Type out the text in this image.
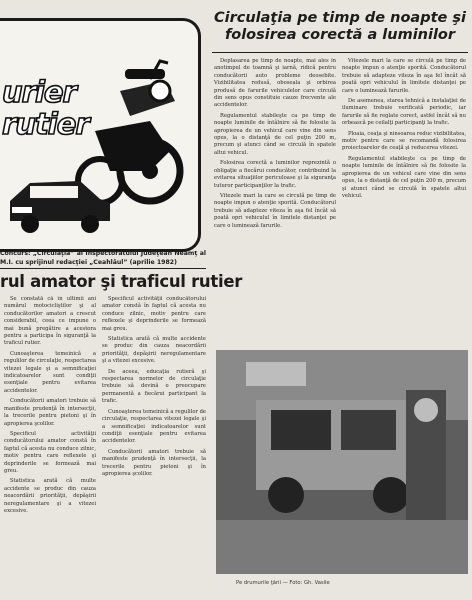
urier
rutier
Concurs: „Circulaţia” al Inspectoratului Judeţean Neamţ al M.I. cu sprijinul redacţiei „Ceahlăul” (aprilie 1982)
rul amator şi traficul rutier
Circulaţia pe timp de noapte şi folosirea corectă a luminilor

Deplasarea pe timp de noapte, mai ales în anotimpul de toamnă şi iarnă, ridică pentru conducătorii auto probleme deosebite. Vizibilitatea redusă, oboseala şi orbirea produsă de farurile vehiculelor care circulă din sens opus constituie cauze frecvente ale accidentelor.

Regulamentul stabileşte ca pe timp de noapte luminile de întâlnire să fie folosite la apropierea de un vehicul care vine din sens opus, la o distanţă de cel puţin 200 m, precum şi atunci când se circulă în spatele altui vehicul.

Folosirea corectă a luminilor reprezintă o obligaţie a fiecărui conducător, contribuind la evitarea situaţiilor periculoase şi la siguranţa tuturor participanţilor la trafic.

Vitezele mari la care se circulă pe timp de noapte impun o atenţie sporită. Conducătorul trebuie să adapteze viteza în aşa fel încât să poată opri vehiculul în limitele distanţei pe care o luminează farurile.

Vitezele mari la care se circulă pe timp de noapte impun o atenţie sporită. Conducătorul trebuie să adapteze viteza în aşa fel încât să poată opri vehiculul în limitele distanţei pe care o luminează farurile.

De asemenea, starea tehnică a instalaţiei de iluminare trebuie verificată periodic, iar farurile să fie reglate corect, astfel încât să nu orbească pe ceilalţi participanţi la trafic.

Ploaia, ceaţa şi ninsoarea reduc vizibilitatea, motiv pentru care se recomandă folosirea proiectoarelor de ceaţă şi reducerea vitezei.

Regulamentul stabileşte ca pe timp de noapte luminile de întâlnire să fie folosite la apropierea de un vehicul care vine din sens opus, la o distanţă de cel puţin 200 m, precum şi atunci când se circulă în spatele altui vehicul.

Se constată că în ultimii ani numărul motocicliştilor şi al conducătorilor amatori a crescut considerabil, ceea ce impune o mai bună pregătire a acestora pentru a participa în siguranţă la traficul rutier.

Cunoaşterea temeinică a regulilor de circulaţie, respectarea vitezei legale şi a semnificaţiei indicatoarelor sunt condiţii esenţiale pentru evitarea accidentelor.

Conducătorii amatori trebuie să manifeste prudenţă în intersecţii, la trecerile pentru pietoni şi în apropierea şcolilor.

Specificul activităţii conducătorului amator constă în faptul că acesta nu conduce zilnic, motiv pentru care reflexele şi deprinderile se formează mai greu.

Statistica arată că multe accidente se produc din cauza neacordării priorităţii, depăşirii neregulamentare şi a vitezei excesive.

Specificul activităţii conducătorului amator constă în faptul că acesta nu conduce zilnic, motiv pentru care reflexele şi deprinderile se formează mai greu.

Statistica arată că multe accidente se produc din cauza neacordării priorităţii, depăşirii neregulamentare şi a vitezei excesive.

De aceea, educaţia rutieră şi respectarea normelor de circulaţie trebuie să devină o preocupare permanentă a fiecărui participant la trafic.

Cunoaşterea temeinică a regulilor de circulaţie, respectarea vitezei legale şi a semnificaţiei indicatoarelor sunt condiţii esenţiale pentru evitarea accidentelor.

Conducătorii amatori trebuie să manifeste prudenţă în intersecţii, la trecerile pentru pietoni şi în apropierea şcolilor.

Pe drumurile ţării — Foto: Gh. Vasile
